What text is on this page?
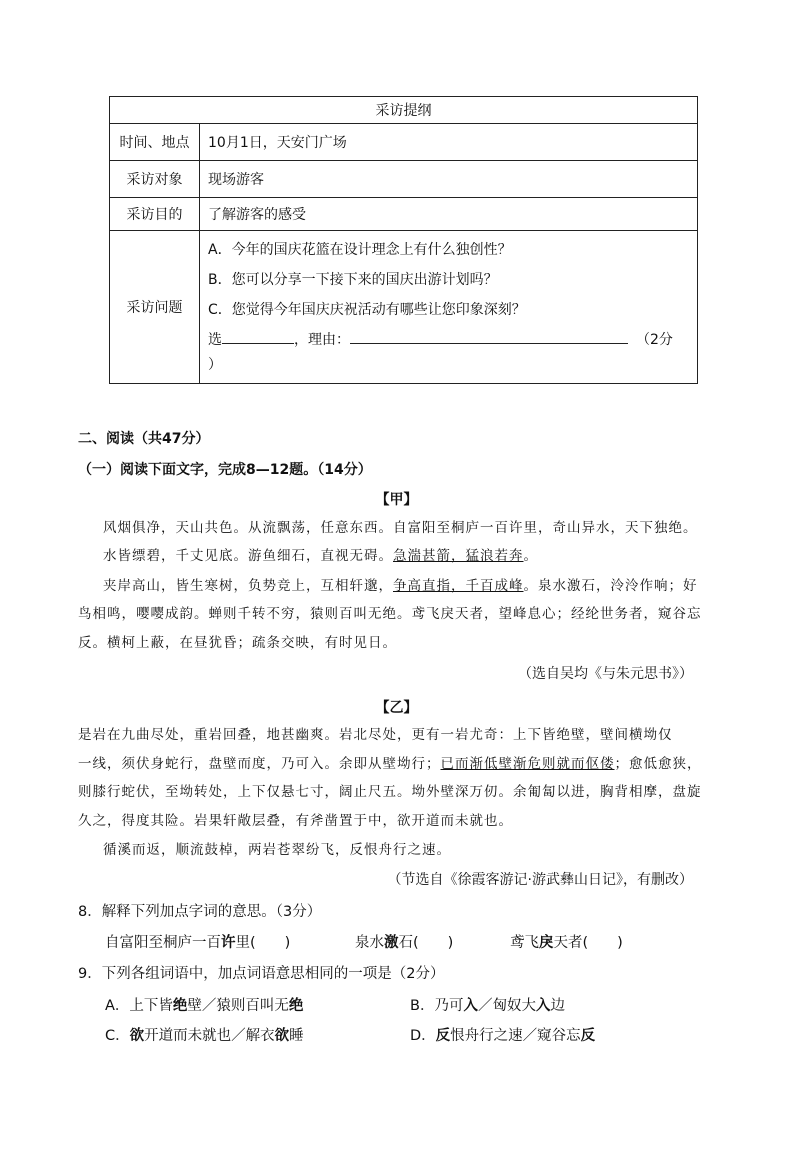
采访提纲	
时间、地点	10月1日，天安门广场
采访对象	现场游客
采访目的	了解游客的感受
采访问题	A．今年的国庆花篮在设计理念上有什么独创性？
B．您可以分享一下接下来的国庆出游计划吗？
C．您觉得今年国庆庆祝活动有哪些让您印象深刻？
选 ，理由： （2分
）
二、阅读（共47分）
（一）阅读下面文字，完成8—12题。（14分）
【甲】
风烟俱净，天山共色。从流飘荡，任意东西。自富阳至桐庐一百许里，奇山异水，天下独绝。
水皆缥碧，千丈见底。游鱼细石，直视无碍。急湍甚箭，猛浪若奔。
夹岸高山，皆生寒树，负势竞上，互相轩邈，争高直指，千百成峰。泉水激石，泠泠作响；好
鸟相鸣，嘤嘤成韵。蝉则千转不穷，猿则百叫无绝。鸢飞戾天者，望峰息心；经纶世务者，窥谷忘
反。横柯上蔽，在昼犹昏；疏条交映，有时见日。
（选自吴均《与朱元思书》）
【乙】
是岩在九曲尽处，重岩回叠，地甚幽爽。岩北尽处，更有一岩尤奇：上下皆绝壁，壁间横坳仅
一线，须伏身蛇行，盘壁而度，乃可入。余即从壁坳行；已而渐低壁渐危则就而伛偻；愈低愈狭，
则膝行蛇伏，至坳转处，上下仅悬七寸，阔止尺五。坳外壁深万仞。余匍匐以进，胸背相摩，盘旋
久之，得度其险。岩果轩敞层叠，有斧凿置于中，欲开道而未就也。
循溪而返，顺流鼓棹，两岩苍翠纷飞，反恨舟行之速。
（节选自《徐霞客游记·游武彝山日记》，有删改）
8．解释下列加点字词的意思。（3分）
自富阳至桐庐一百许里(　　)	泉水激石(　　)	鸢飞戾天者(　　)
9．下列各组词语中，加点词语意思相同的一项是（2分）
A．上下皆绝壁／猿则百叫无绝	B．乃可入／匈奴大入边
C．欲开道而未就也／解衣欲睡	D．反恨舟行之速／窥谷忘反
